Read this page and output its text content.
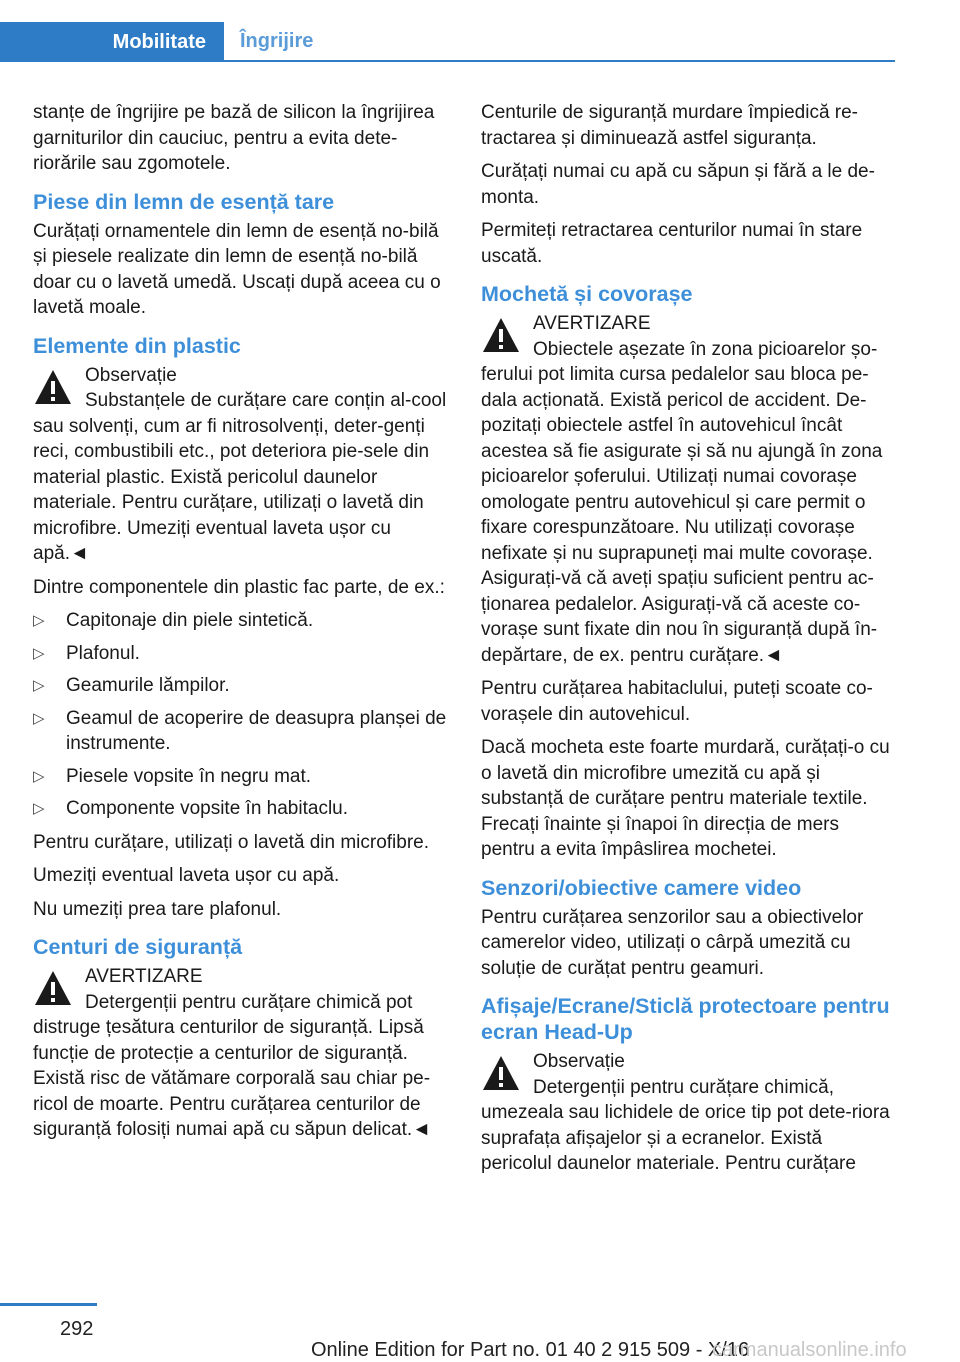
Mobilitate	Îngrijire

stanțe de îngrijire pe bază de silicon la îngrijirea garniturilor din cauciuc, pentru a evita dete‐riorările sau zgomotele.

Piese din lemn de esență tare

Curățați ornamentele din lemn de esență no‐bilă și piesele realizate din lemn de esență no‐bilă doar cu o lavetă umedă. Uscați după aceea cu o lavetă moale.

Elemente din plastic
Observație
Substanțele de curățare care conțin al‐cool sau solvenți, cum ar fi nitrosolvenți, deter‐genți reci, combustibili etc., pot deteriora pie‐sele din material plastic. Există pericolul daunelor materiale. Pentru curățare, utilizați o lavetă din microfibre. Umeziți eventual laveta ușor cu apă.◄

Dintre componentele din plastic fac parte, de ex.:

▷ Capitonaje din piele sintetică.
▷ Plafonul.
▷ Geamurile lămpilor.
▷ Geamul de acoperire de deasupra planșei de instrumente.
▷ Piesele vopsite în negru mat.
▷ Componente vopsite în habitaclu.

Pentru curățare, utilizați o lavetă din microfibre.

Umeziți eventual laveta ușor cu apă.

Nu umeziți prea tare plafonul.

Centuri de siguranță
AVERTIZARE
Detergenții pentru curățare chimică pot distruge țesătura centurilor de siguranță. Lipsă funcție de protecție a centurilor de siguranță. Există risc de vătămare corporală sau chiar pe‐ricol de moarte. Pentru curățarea centurilor de siguranță folosiți numai apă cu săpun delicat.◄

Centurile de siguranță murdare împiedică re‐tractarea și diminuează astfel siguranța.

Curățați numai cu apă cu săpun și fără a le de‐monta.

Permiteți retractarea centurilor numai în stare uscată.

Mochetă și covorașe
AVERTIZARE
Obiectele așezate în zona picioarelor șo‐ferului pot limita cursa pedalelor sau bloca pe‐dala acționată. Există pericol de accident. De‐pozitați obiectele astfel în autovehicul încât acestea să fie asigurate și să nu ajungă în zona picioarelor șoferului. Utilizați numai covorașe omologate pentru autovehicul și care permit o fixare corespunzătoare. Nu utilizați covorașe nefixate și nu suprapuneți mai multe covorașe. Asigurați-vă că aveți spațiu suficient pentru ac‐ționarea pedalelor. Asigurați-vă că aceste co‐vorașe sunt fixate din nou în siguranță după în‐depărtare, de ex. pentru curățare.◄

Pentru curățarea habitaclului, puteți scoate co‐vorașele din autovehicul.

Dacă mocheta este foarte murdară, curățați-o cu o lavetă din microfibre umezită cu apă și substanță de curățare pentru materiale textile. Frecați înainte și înapoi în direcția de mers pentru a evita împâslirea mochetei.

Senzori/obiective camere video

Pentru curățarea senzorilor sau a obiectivelor camerelor video, utilizați o cârpă umezită cu soluție de curățat pentru geamuri.

Afișaje/Ecrane/Sticlă protectoare pentru ecran Head-Up
Observație
Detergenții pentru curățare chimică, umezeala sau lichidele de orice tip pot dete‐riora suprafața afișajelor și a ecranelor. Există pericolul daunelor materiale. Pentru curățare
292
Online Edition for Part no. 01 40 2 915 509 - X/16
carmanualsonline.info
